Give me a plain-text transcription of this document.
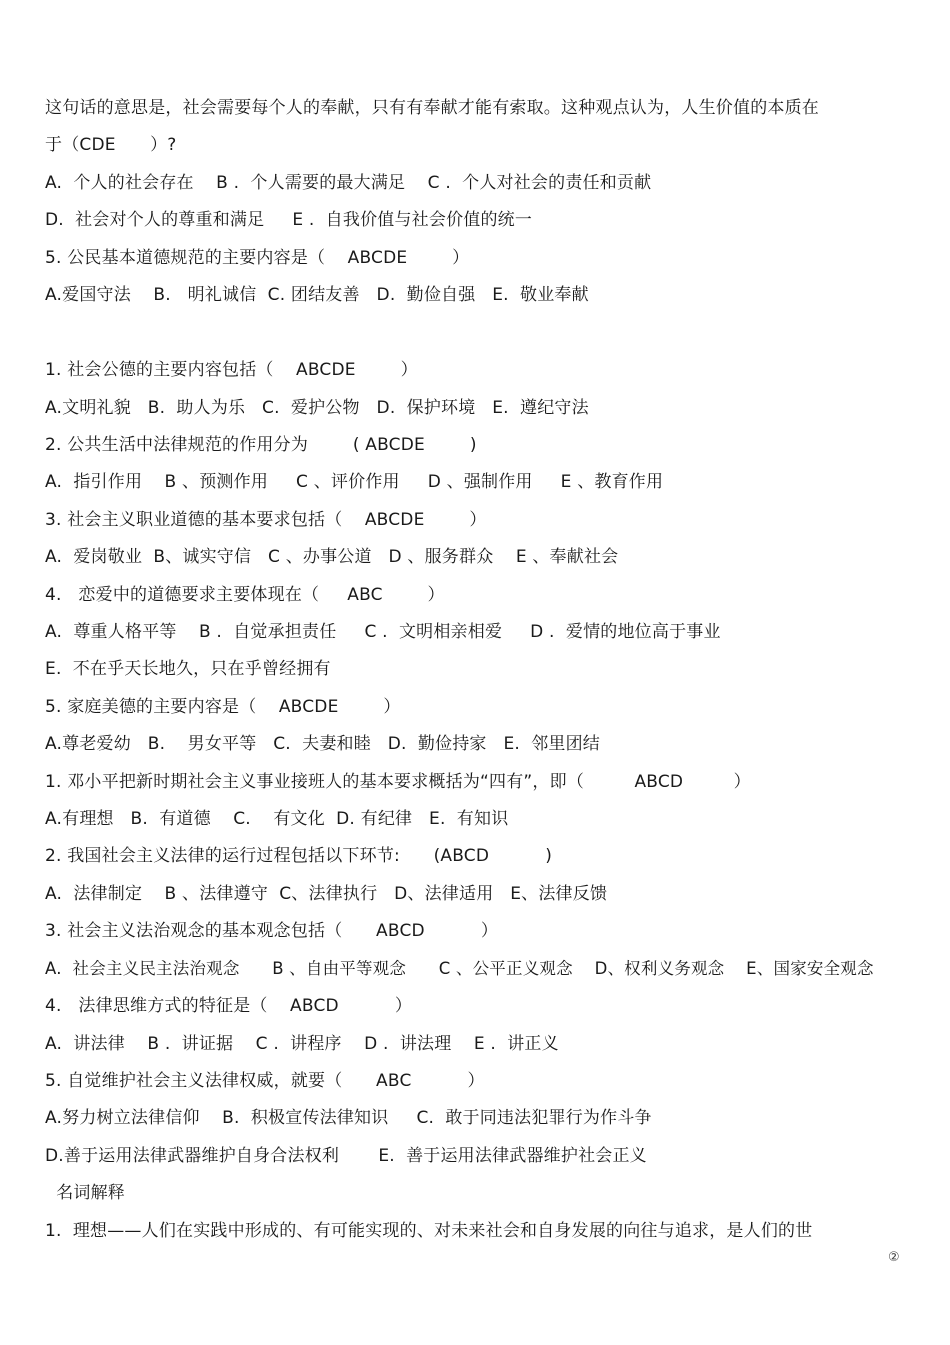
这句话的意思是，社会需要每个人的奉献，只有有奉献才能有索取。这种观点认为，人生价值的本质在
于（CDE　　）?
A.  个人的社会存在    B .  个人需要的最大满足    C .  个人对社会的责任和贡献
D.  社会对个人的尊重和满足     E .  自我价值与社会价值的统一
5. 公民基本道德规范的主要内容是（    ABCDE        ）
A.爱国守法    B.   明礼诚信  C. 团结友善   D.  勤俭自强   E.  敬业奉献
1. 社会公德的主要内容包括（    ABCDE        ）
A.文明礼貌   B.  助人为乐   C.  爱护公物   D.  保护环境   E.  遵纪守法
2. 公共生活中法律规范的作用分为        ( ABCDE        )
A.  指引作用    B 、预测作用     C 、评价作用     D 、强制作用     E 、教育作用
3. 社会主义职业道德的基本要求包括（    ABCDE        ）
A.  爱岗敬业  B、诚实守信   C 、办事公道   D 、服务群众    E 、奉献社会
4.   恋爱中的道德要求主要体现在（     ABC        ）
A.  尊重人格平等    B .  自觉承担责任     C .  文明相亲相爱     D .  爱情的地位高于事业
E.  不在乎天长地久，只在乎曾经拥有
5. 家庭美德的主要内容是（    ABCDE        ）
A.尊老爱幼   B.    男女平等   C.  夫妻和睦   D.  勤俭持家   E.  邻里团结
1. 邓小平把新时期社会主义事业接班人的基本要求概括为“四有”，即（         ABCD         ）
A.有理想   B.  有道德    C.    有文化  D. 有纪律   E.  有知识
2. 我国社会主义法律的运行过程包括以下环节:      (ABCD          )
A.  法律制定    B 、法律遵守  C、法律执行   D、法律适用   E、法律反馈
3. 社会主义法治观念的基本观念包括（      ABCD          ）
A.  社会主义民主法治观念      B 、自由平等观念      C 、公平正义观念    D、权利义务观念    E、国家安全观念
4.   法律思维方式的特征是（    ABCD          ）
A.  讲法律    B .  讲证据    C .  讲程序    D .  讲法理    E .  讲正义
5. 自觉维护社会主义法律权威，就要（      ABC          ）
A.努力树立法律信仰    B.  积极宣传法律知识     C.  敢于同违法犯罪行为作斗争
D.善于运用法律武器维护自身合法权利       E.  善于运用法律武器维护社会正义
名词解释
1.  理想——人们在实践中形成的、有可能实现的、对未来社会和自身发展的向往与追求，是人们的世
②
